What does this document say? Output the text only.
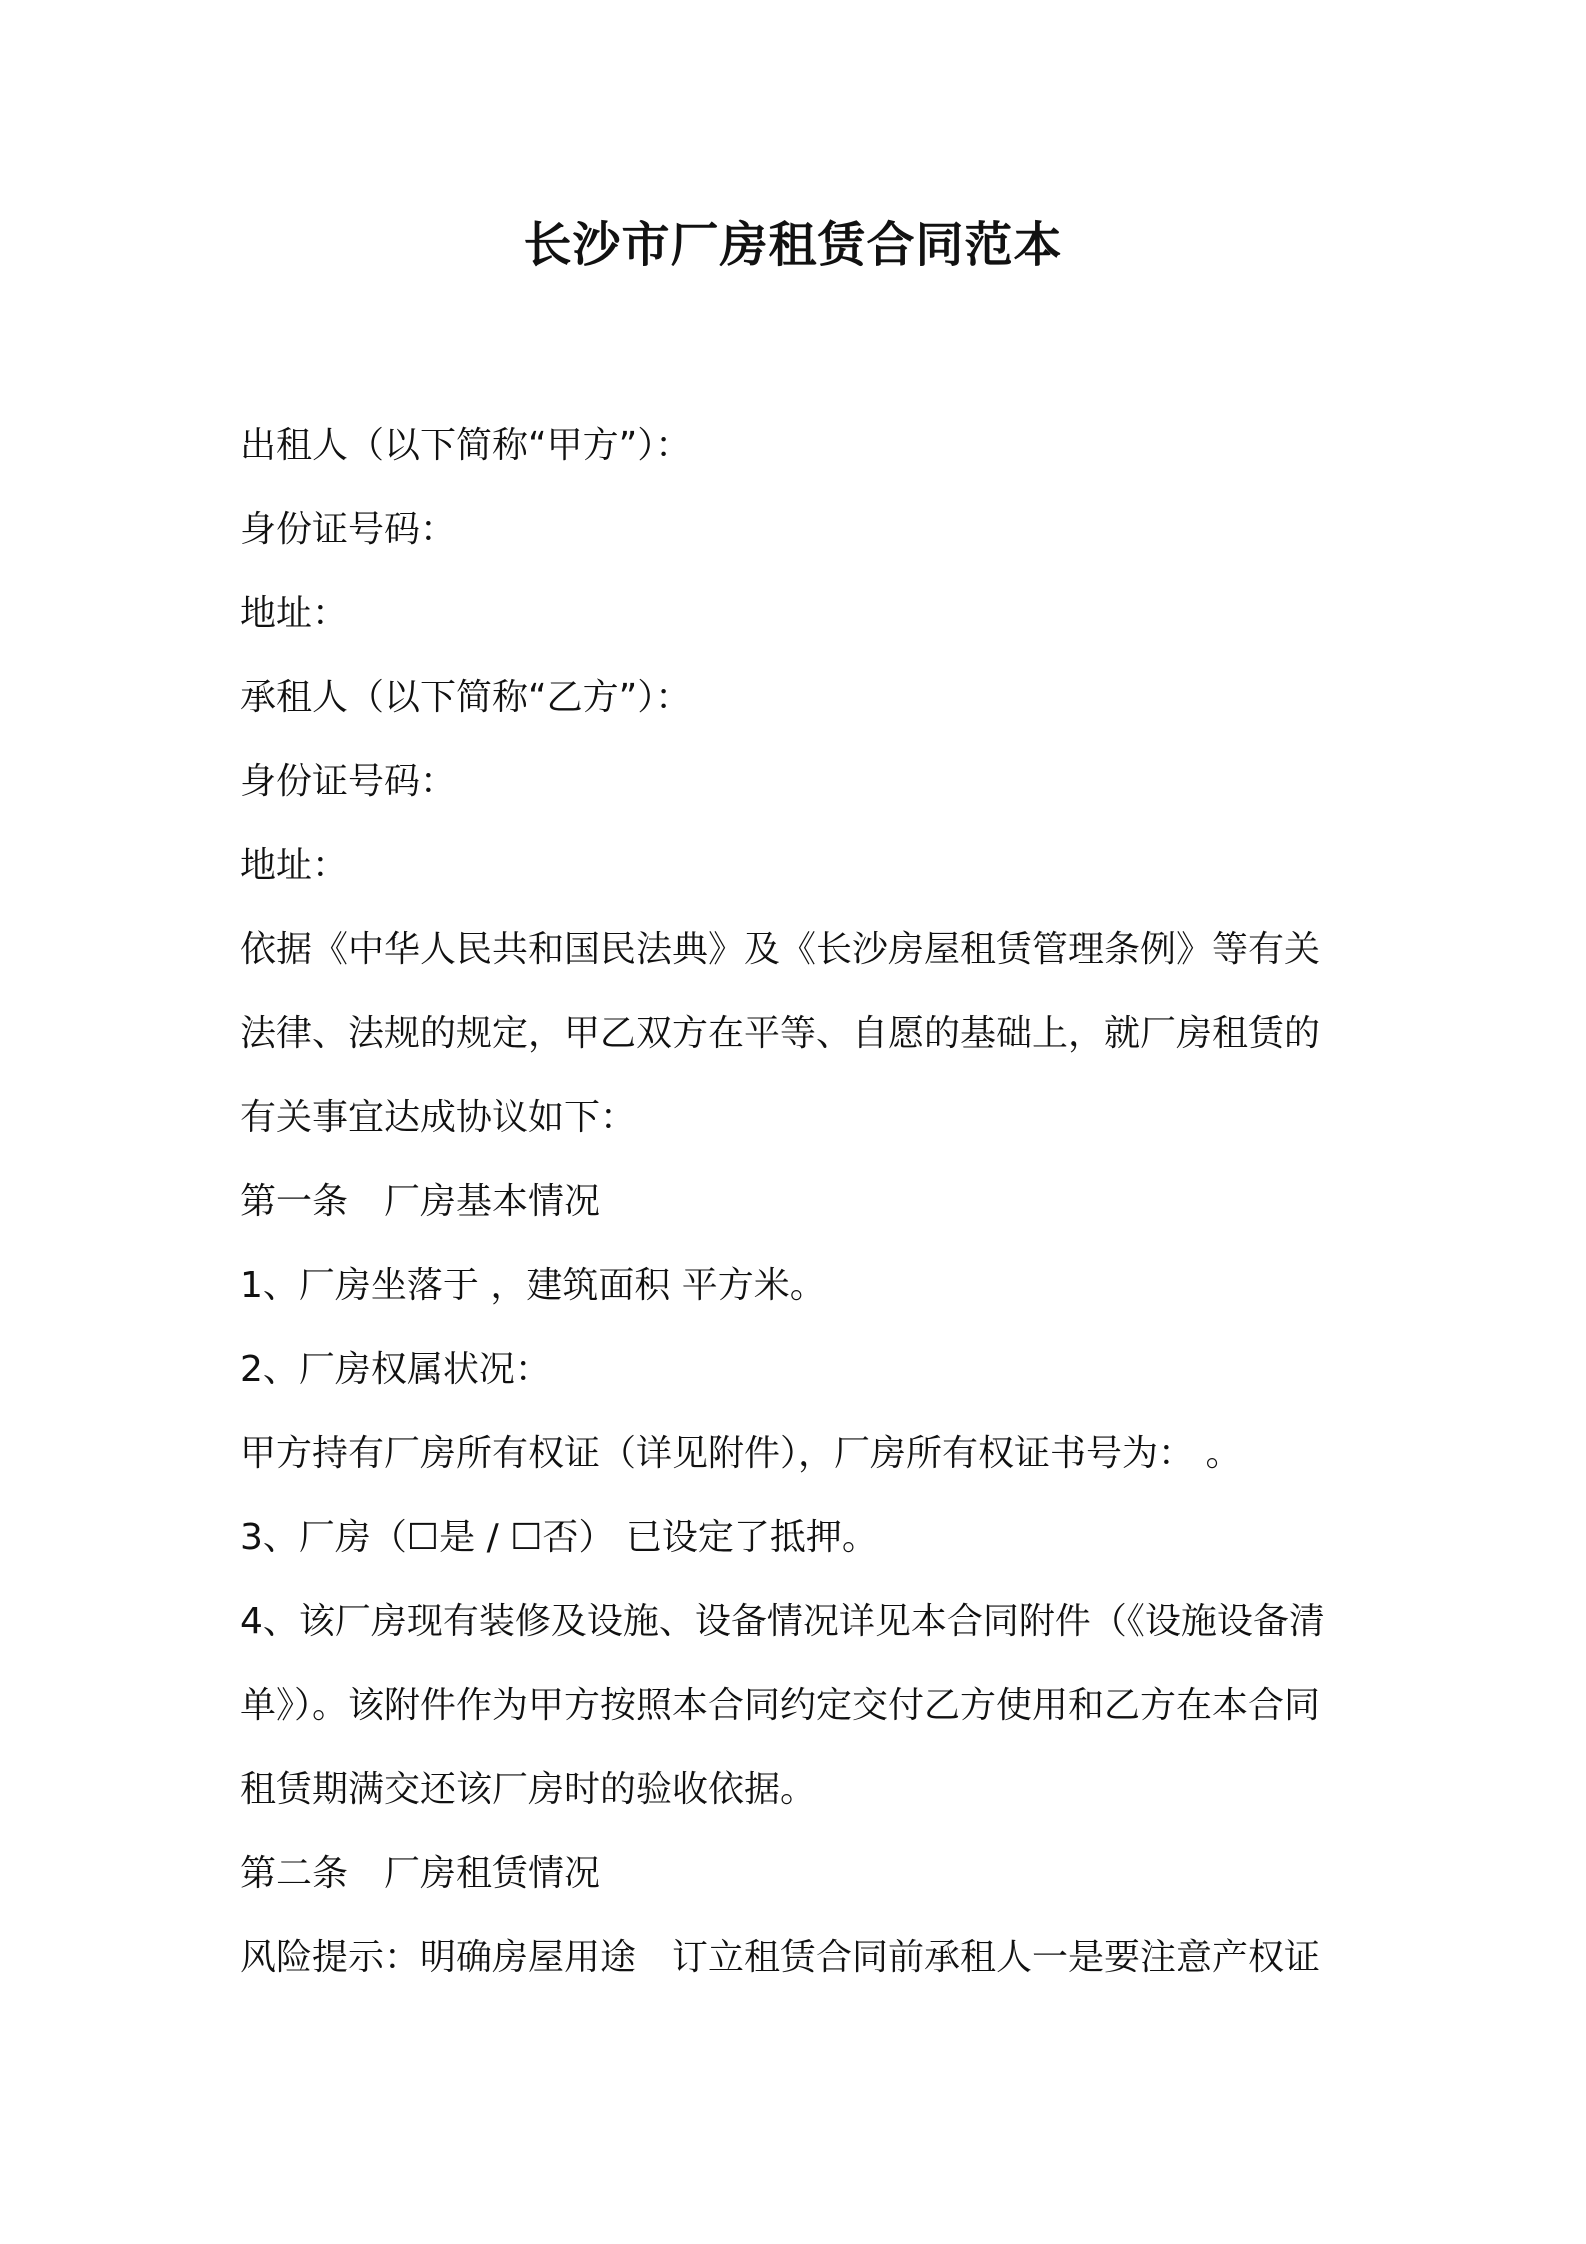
长沙市厂房租赁合同范本
出租人（以下简称“甲方”）：
身份证号码：
地址：
承租人（以下简称“乙方”）：
身份证号码：
地址：
依据《中华人民共和国民法典》及《长沙房屋租赁管理条例》等有关
法律、法规的规定，甲乙双方在平等、自愿的基础上，就厂房租赁的
有关事宜达成协议如下：
第一条　厂房基本情况
1、厂房坐落于 ，建筑面积 平方米。
2、厂房权属状况：
甲方持有厂房所有权证（详见附件），厂房所有权证书号为： 。
3、厂房（☐是 / ☐否） 已设定了抵押。
4、该厂房现有装修及设施、设备情况详见本合同附件（《设施设备清
单》）。该附件作为甲方按照本合同约定交付乙方使用和乙方在本合同
租赁期满交还该厂房时的验收依据。
第二条　厂房租赁情况
风险提示：明确房屋用途　订立租赁合同前承租人一是要注意产权证
